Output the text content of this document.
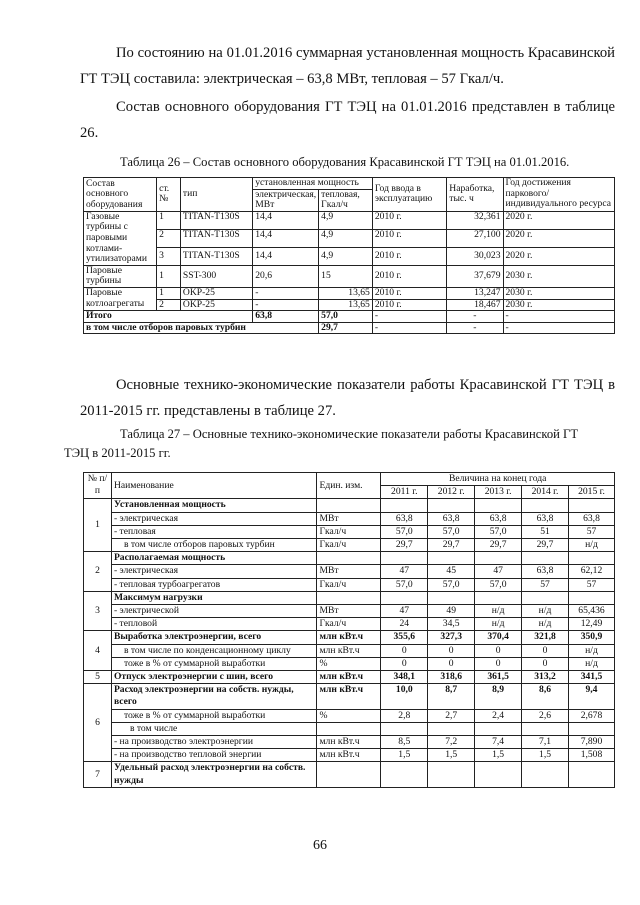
По состоянию на 01.01.2016 суммарная установленная мощность Красавинской ГТ ТЭЦ составила: электрическая – 63,8 МВт, тепловая – 57 Гкал/ч.

Состав основного оборудования ГТ ТЭЦ на 01.01.2016 представлен в таблице 26.

Таблица 26 – Состав основного оборудования Красавинской ГТ ТЭЦ на 01.01.2016.

Состав основного оборудования	ст.№	тип	установленная мощность		Год ввода в эксплуатацию	Наработка, тыс. ч	Год достижения паркового/ индивидуального ресурса
			электрическая, МВт	тепловая, Гкал/ч			
Газовые турбины с паровыми котлами-утилизаторами	1	TITAN-T130S	14,4	4,9	2010 г.	32,361	2020 г.
	2	TITAN-T130S	14,4	4,9	2010 г.	27,100	2020 г.
	3	TITAN-T130S	14,4	4,9	2010 г.	30,023	2020 г.
Паровые турбины	1	SST-300	20,6	15	2010 г.	37,679	2030 г.
Паровые котлоагрегаты	1	OKP-25	-	13,65	2010 г.	13,247	2030 г.
	2	OKP-25	-	13,65	2010 г.	18,467	2030 г.
Итого			63,8	57,0	-	-	-
в том числе отборов паровых турбин				29,7	-	-	-

Основные технико-экономические показатели работы Красавинской ГТ ТЭЦ в 2011-2015 гг. представлены в таблице 27.

Таблица 27 – Основные технико-экономические показатели работы Красавинской ГТ
ТЭЦ в 2011-2015 гг.

№ п/п	Наименование	Един. изм.	Величина на конец года				
			2011 г.	2012 г.	2013 г.	2014 г.	2015 г.
1	Установленная мощность						
	- электрическая	МВт	63,8	63,8	63,8	63,8	63,8
	- тепловая	Гкал/ч	57,0	57,0	57,0	51	57
	в том числе отборов паровых турбин	Гкал/ч	29,7	29,7	29,7	29,7	н/д
2	Располагаемая мощность						
	- электрическая	МВт	47	45	47	63,8	62,12
	- тепловая турбоагрегатов	Гкал/ч	57,0	57,0	57,0	57	57
3	Максимум нагрузки						
	- электрической	МВт	47	49	н/д	н/д	65,436
	- тепловой	Гкал/ч	24	34,5	н/д	н/д	12,49
4	Выработка электроэнергии, всего	млн кВт.ч	355,6	327,3	370,4	321,8	350,9
	в том числе по конденсационному циклу	млн кВт.ч	0	0	0	0	н/д
	тоже в % от суммарной выработки	%	0	0	0	0	н/д
5	Отпуск электроэнергии с шин, всего	млн кВт.ч	348,1	318,6	361,5	313,2	341,5
6	Расход электроэнергии на собств. нужды, всего	млн кВт.ч	10,0	8,7	8,9	8,6	9,4
	тоже в % от суммарной выработки	%	2,8	2,7	2,4	2,6	2,678
	в том числе						
	- на производство электроэнергии	млн кВт.ч	8,5	7,2	7,4	7,1	7,890
	- на производство тепловой энергии	млн кВт.ч	1,5	1,5	1,5	1,5	1,508
7	Удельный расход электроэнергии на собств. нужды						
66
